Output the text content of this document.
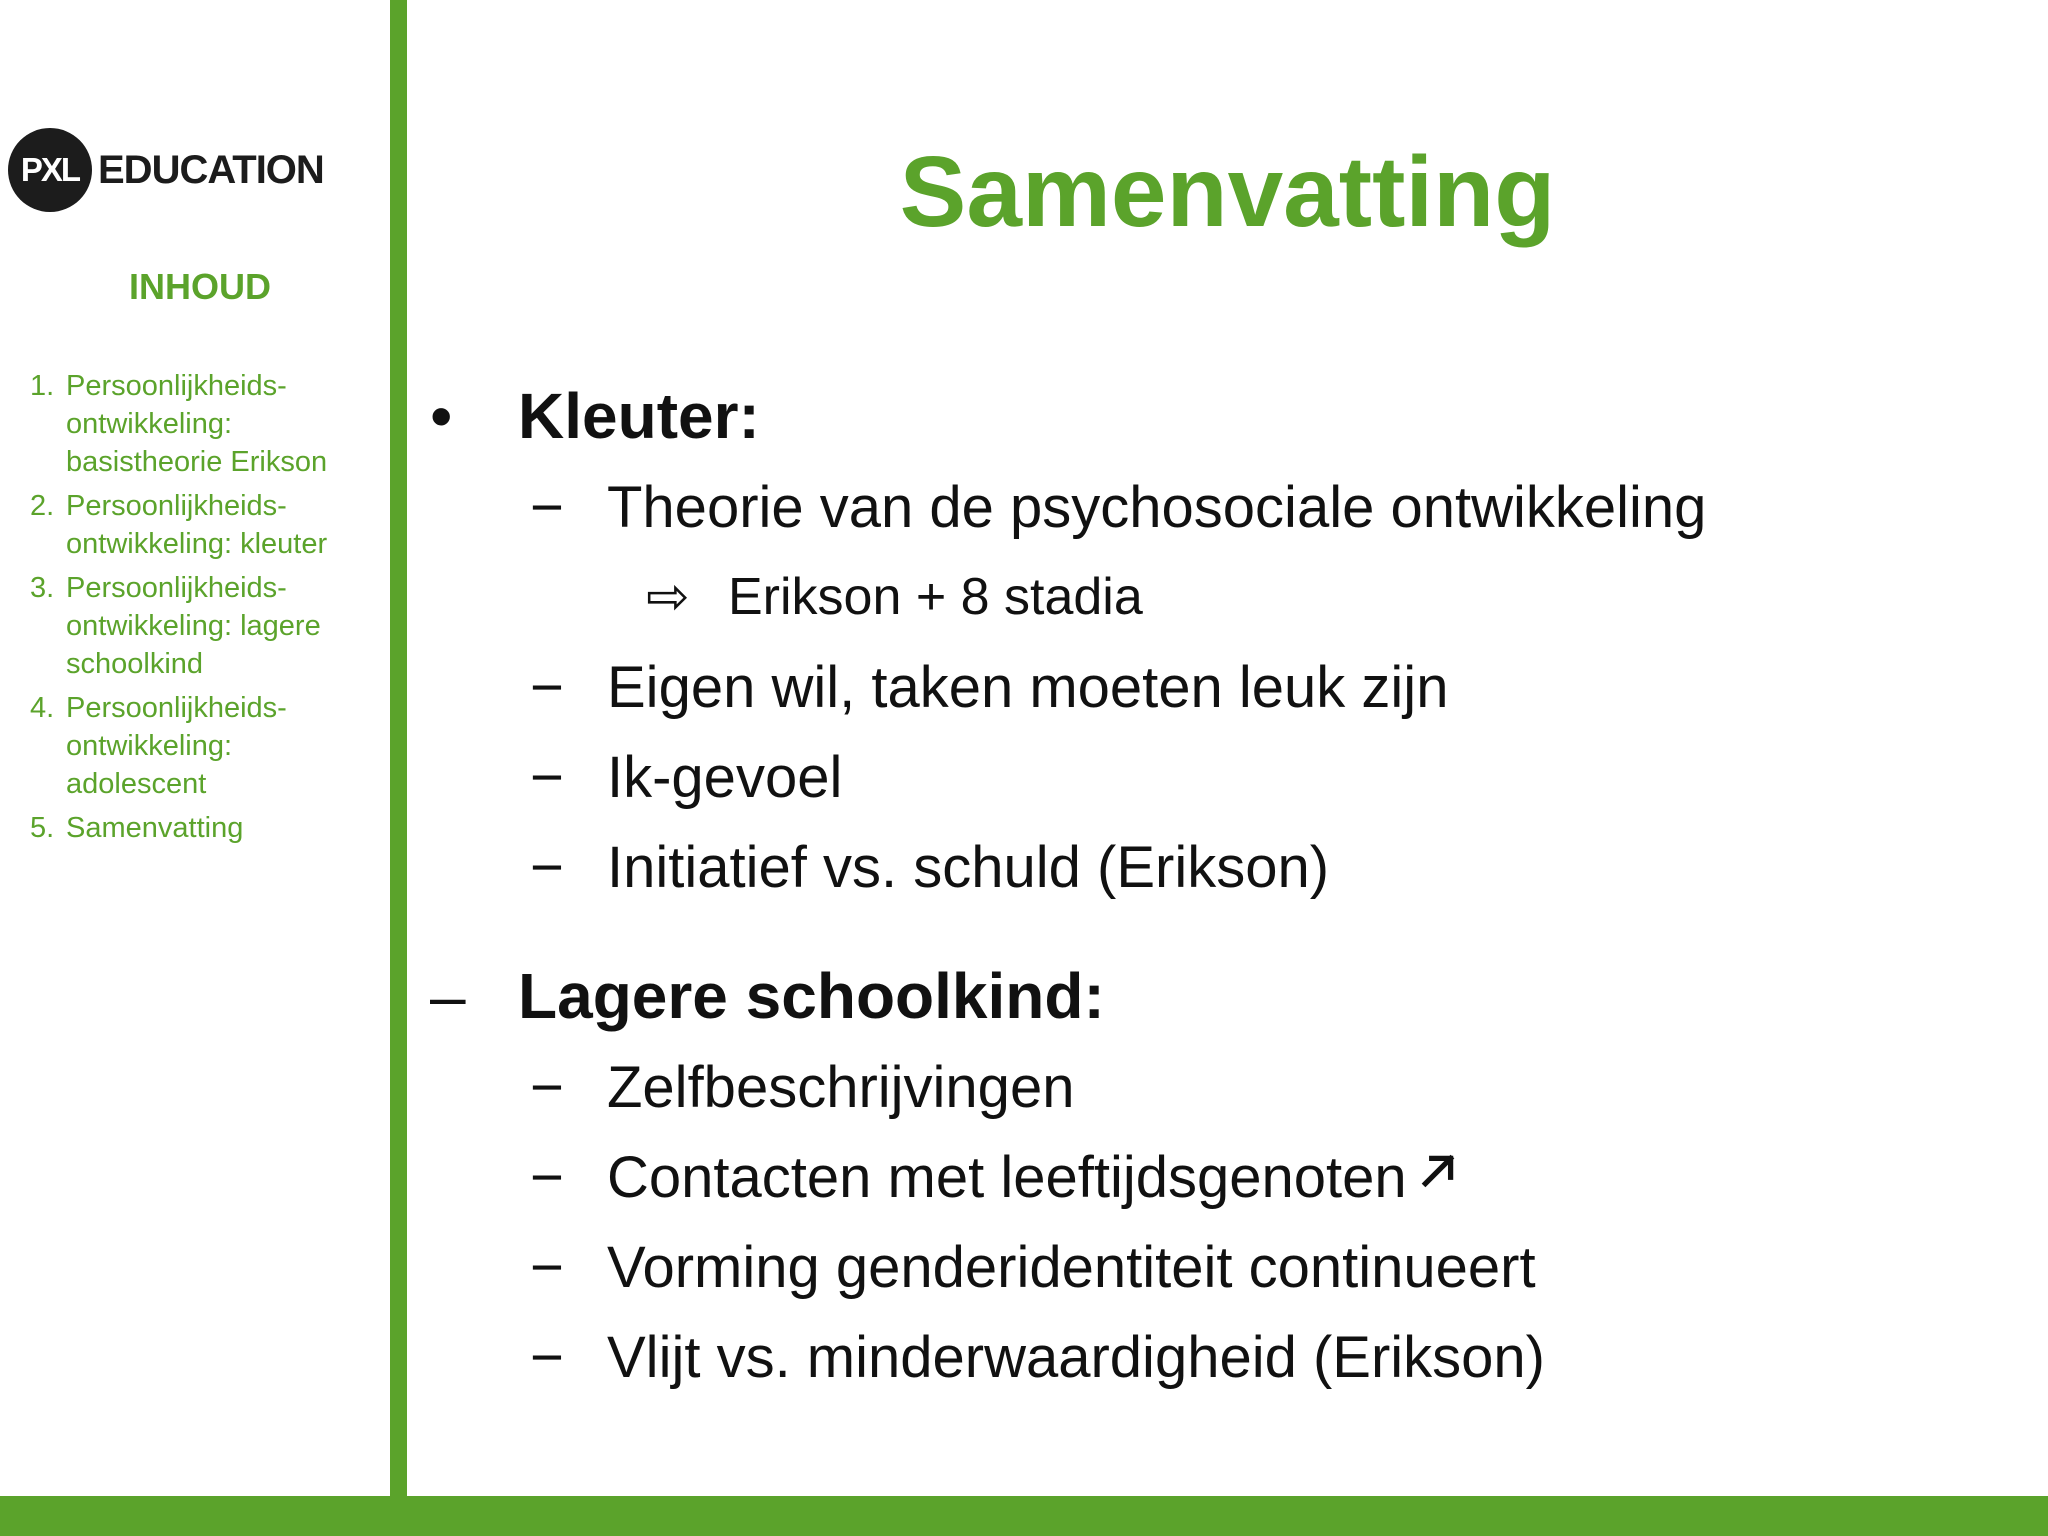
PXL EDUCATION
INHOUD
1. Persoonlijkheids-ontwikkeling: basistheorie Erikson
2. Persoonlijkheids-ontwikkeling: kleuter
3. Persoonlijkheids-ontwikkeling: lagere schoolkind
4. Persoonlijkheids-ontwikkeling: adolescent
5. Samenvatting
Samenvatting
•	Kleuter:
− Theorie van de psychosociale ontwikkeling
⇨ Erikson + 8 stadia
− Eigen wil, taken moeten leuk zijn
− Ik-gevoel
− Initiatief vs. schuld (Erikson)
– Lagere schoolkind:
− Zelfbeschrijvingen
− Contacten met leeftijdsgenoten
− Vorming genderidentiteit continueert
− Vlijt vs. minderwaardigheid (Erikson)
